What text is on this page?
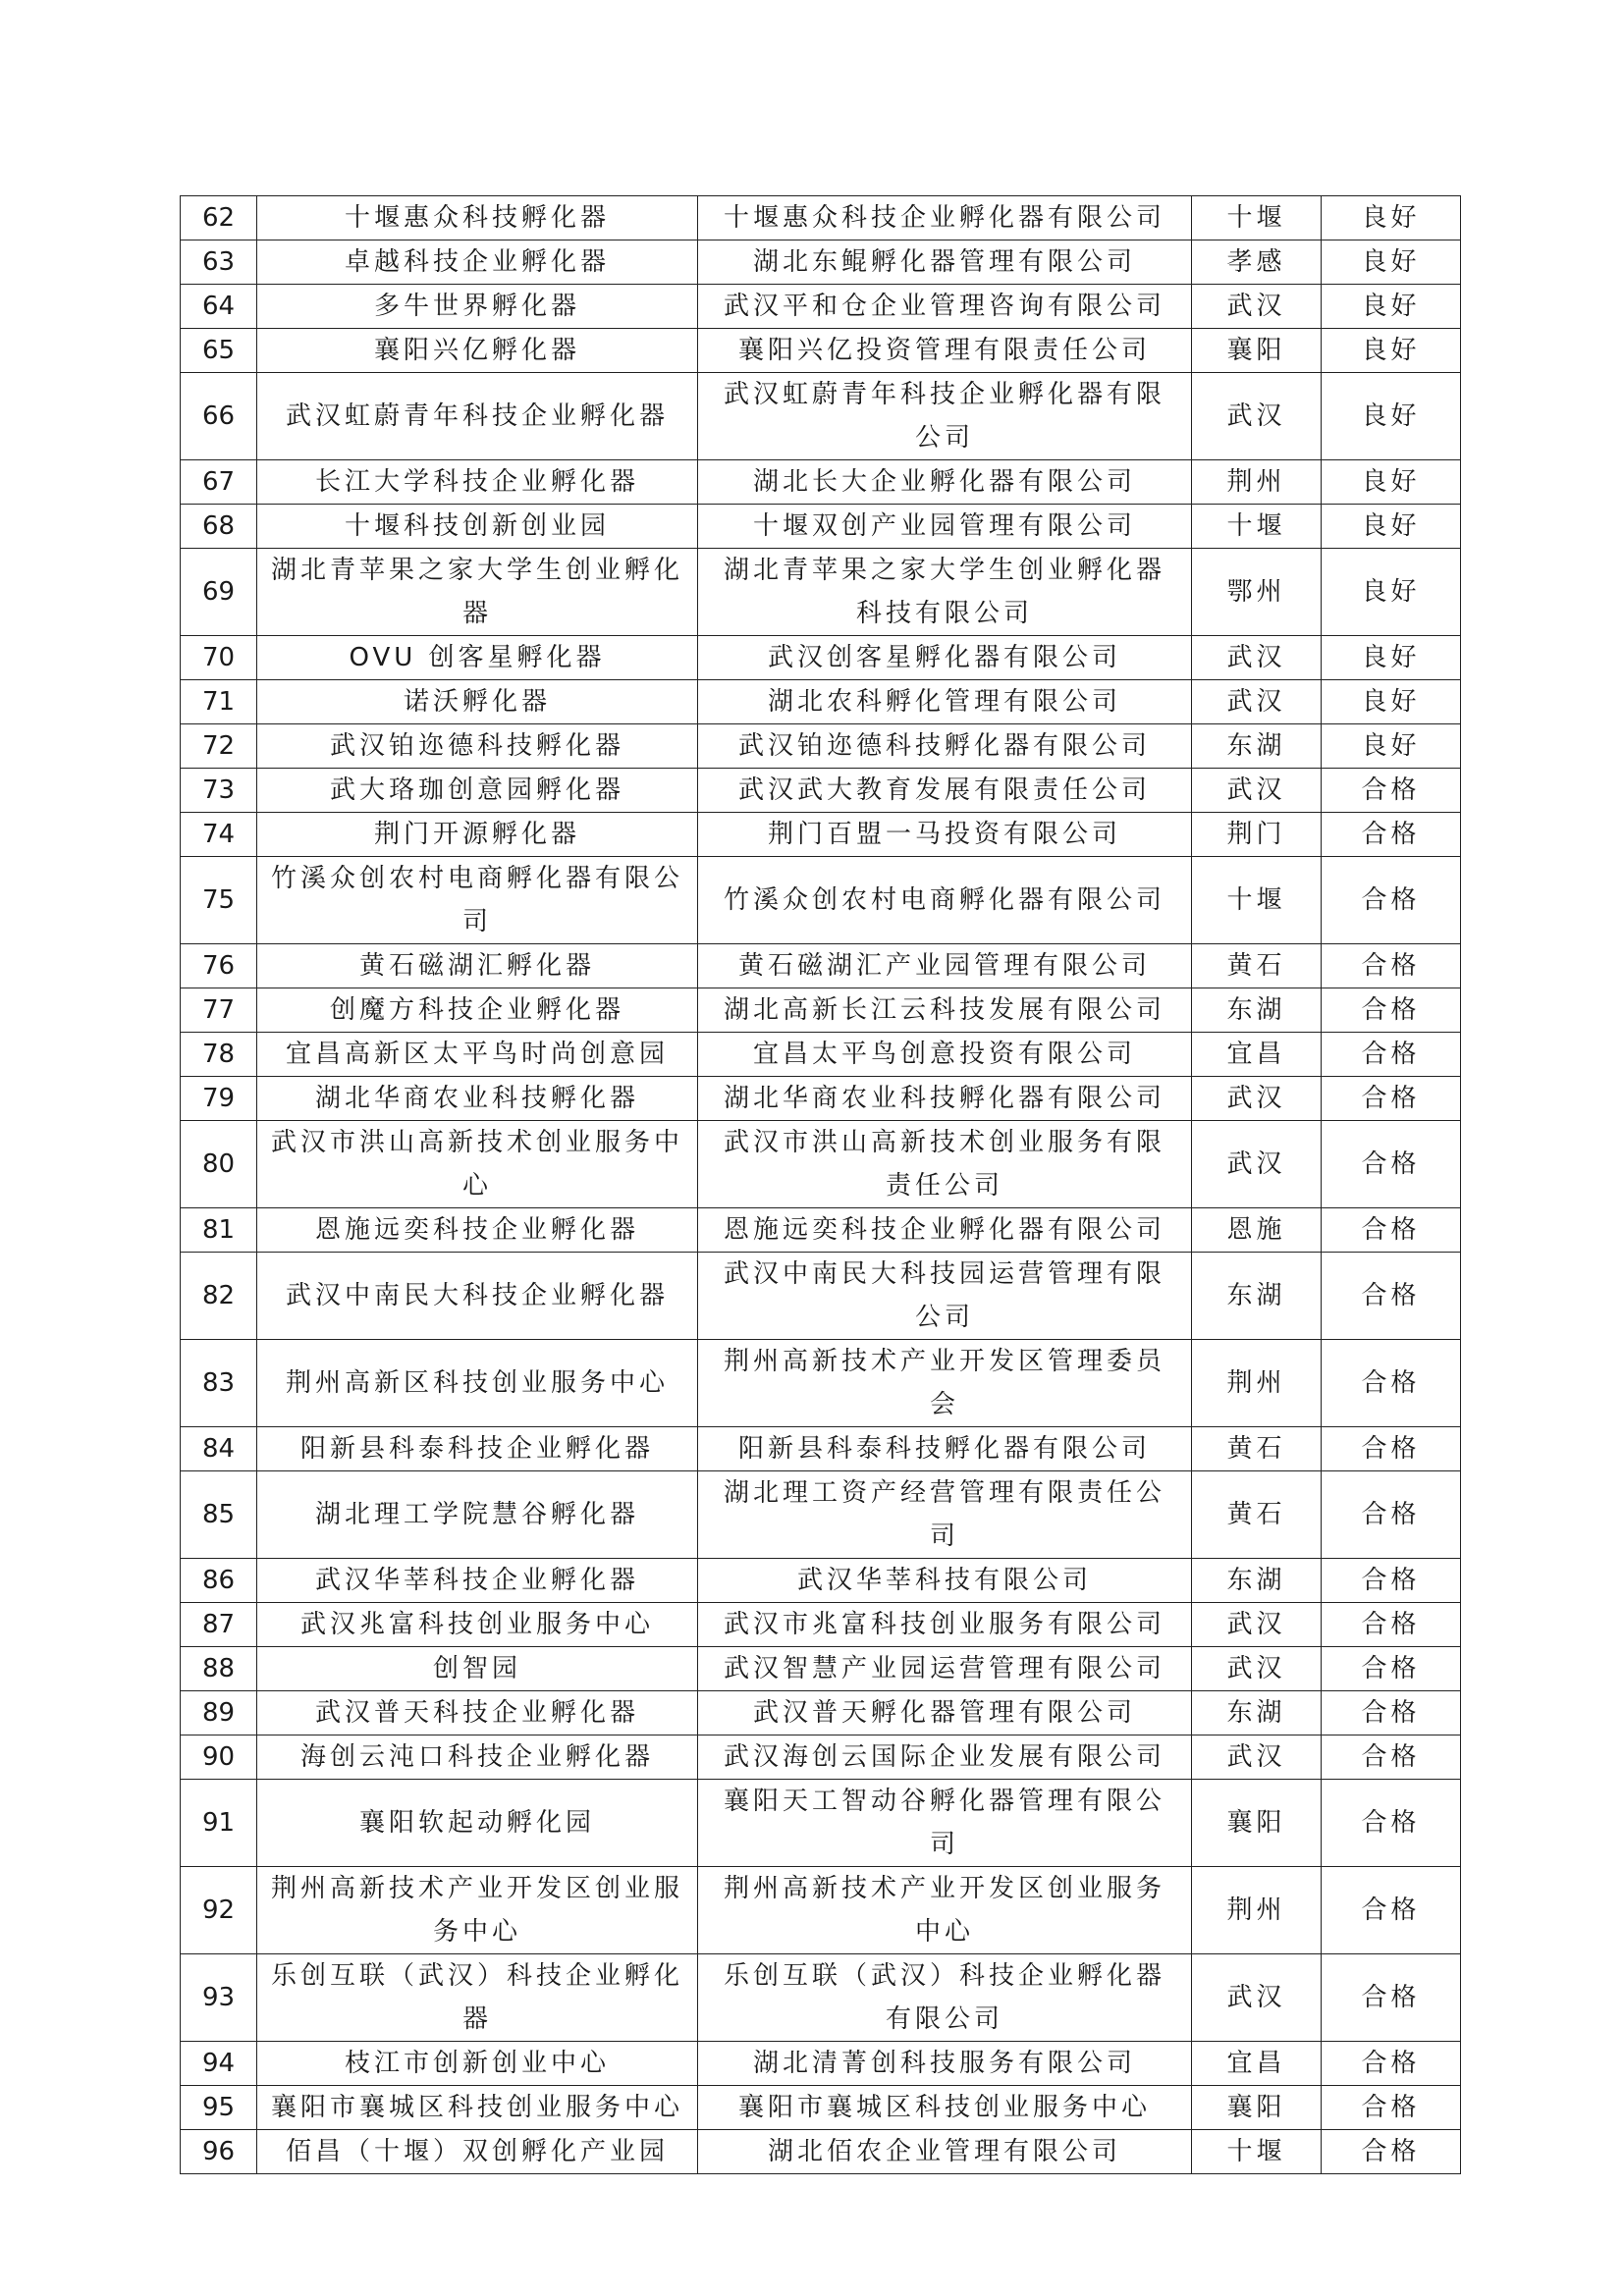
62	十堰惠众科技孵化器	十堰惠众科技企业孵化器有限公司	十堰	良好
63	卓越科技企业孵化器	湖北东鲲孵化器管理有限公司	孝感	良好
64	多牛世界孵化器	武汉平和仓企业管理咨询有限公司	武汉	良好
65	襄阳兴亿孵化器	襄阳兴亿投资管理有限责任公司	襄阳	良好
66	武汉虹蔚青年科技企业孵化器	武汉虹蔚青年科技企业孵化器有限公司	武汉	良好
67	长江大学科技企业孵化器	湖北长大企业孵化器有限公司	荆州	良好
68	十堰科技创新创业园	十堰双创产业园管理有限公司	十堰	良好
69	湖北青苹果之家大学生创业孵化器	湖北青苹果之家大学生创业孵化器科技有限公司	鄂州	良好
70	OVU 创客星孵化器	武汉创客星孵化器有限公司	武汉	良好
71	诺沃孵化器	湖北农科孵化管理有限公司	武汉	良好
72	武汉铂迩德科技孵化器	武汉铂迩德科技孵化器有限公司	东湖	良好
73	武大珞珈创意园孵化器	武汉武大教育发展有限责任公司	武汉	合格
74	荆门开源孵化器	荆门百盟一马投资有限公司	荆门	合格
75	竹溪众创农村电商孵化器有限公司	竹溪众创农村电商孵化器有限公司	十堰	合格
76	黄石磁湖汇孵化器	黄石磁湖汇产业园管理有限公司	黄石	合格
77	创魔方科技企业孵化器	湖北高新长江云科技发展有限公司	东湖	合格
78	宜昌高新区太平鸟时尚创意园	宜昌太平鸟创意投资有限公司	宜昌	合格
79	湖北华商农业科技孵化器	湖北华商农业科技孵化器有限公司	武汉	合格
80	武汉市洪山高新技术创业服务中心	武汉市洪山高新技术创业服务有限责任公司	武汉	合格
81	恩施远奕科技企业孵化器	恩施远奕科技企业孵化器有限公司	恩施	合格
82	武汉中南民大科技企业孵化器	武汉中南民大科技园运营管理有限公司	东湖	合格
83	荆州高新区科技创业服务中心	荆州高新技术产业开发区管理委员会	荆州	合格
84	阳新县科泰科技企业孵化器	阳新县科泰科技孵化器有限公司	黄石	合格
85	湖北理工学院慧谷孵化器	湖北理工资产经营管理有限责任公司	黄石	合格
86	武汉华莘科技企业孵化器	武汉华莘科技有限公司	东湖	合格
87	武汉兆富科技创业服务中心	武汉市兆富科技创业服务有限公司	武汉	合格
88	创智园	武汉智慧产业园运营管理有限公司	武汉	合格
89	武汉普天科技企业孵化器	武汉普天孵化器管理有限公司	东湖	合格
90	海创云沌口科技企业孵化器	武汉海创云国际企业发展有限公司	武汉	合格
91	襄阳软起动孵化园	襄阳天工智动谷孵化器管理有限公司	襄阳	合格
92	荆州高新技术产业开发区创业服务中心	荆州高新技术产业开发区创业服务中心	荆州	合格
93	乐创互联（武汉）科技企业孵化器	乐创互联（武汉）科技企业孵化器有限公司	武汉	合格
94	枝江市创新创业中心	湖北清菁创科技服务有限公司	宜昌	合格
95	襄阳市襄城区科技创业服务中心	襄阳市襄城区科技创业服务中心	襄阳	合格
96	佰昌（十堰）双创孵化产业园	湖北佰农企业管理有限公司	十堰	合格
